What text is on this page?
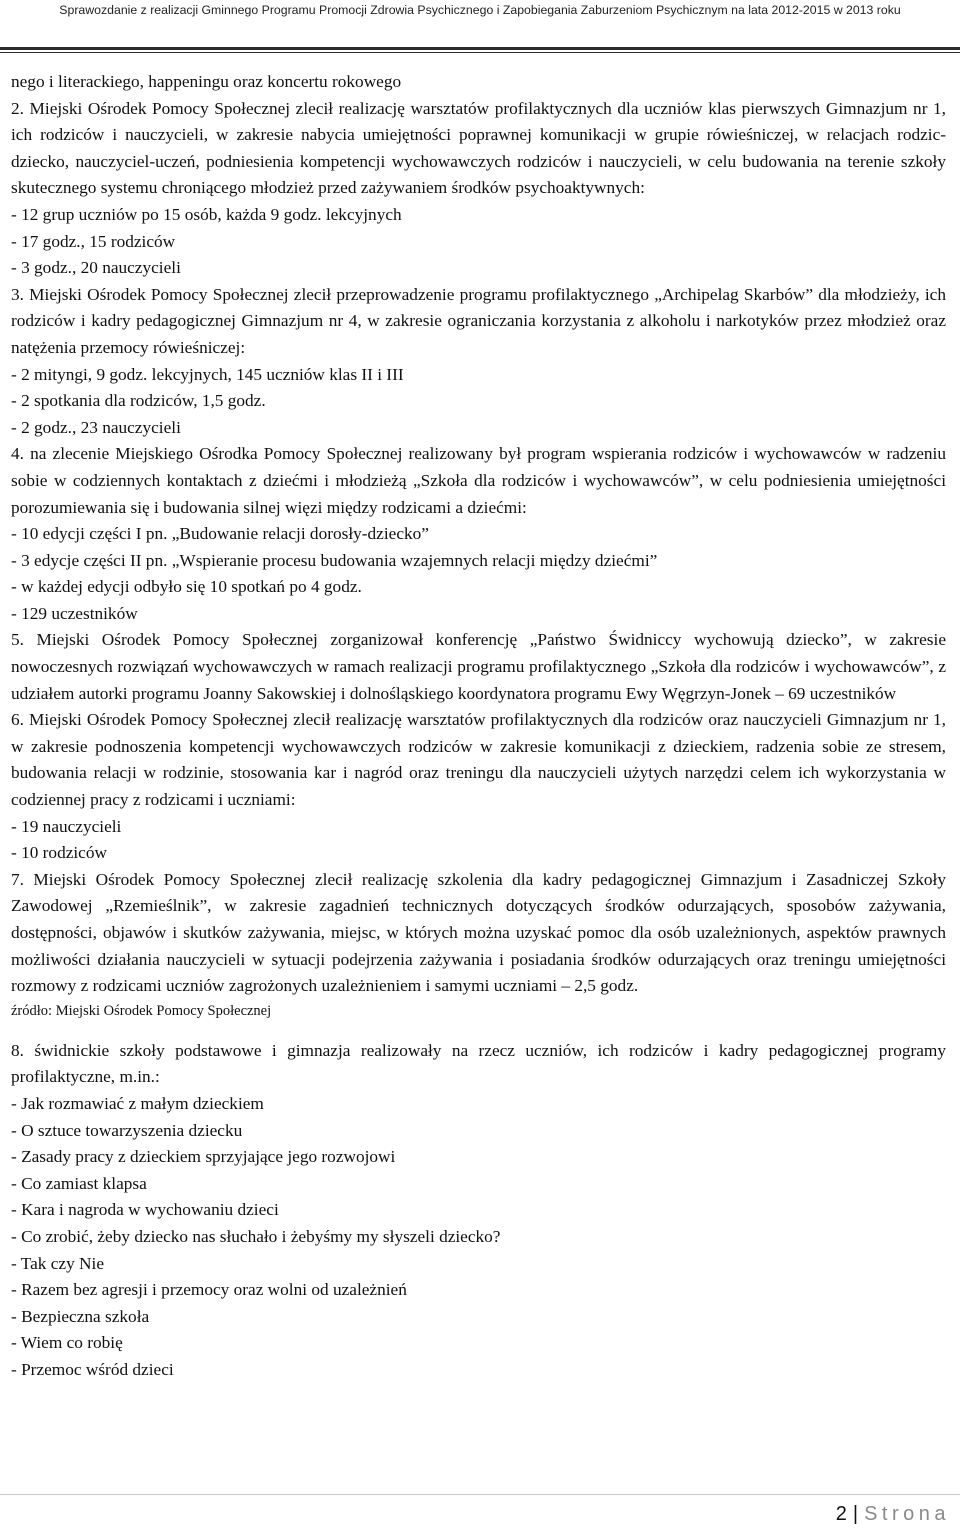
Sprawozdanie z realizacji Gminnego Programu Promocji Zdrowia Psychicznego i Zapobiegania Zaburzeniom Psychicznym na lata 2012-2015 w 2013 roku

nego i literackiego, happeningu oraz koncertu rokowego

2. Miejski Ośrodek Pomocy Społecznej zlecił realizację warsztatów profilaktycznych dla uczniów klas pierwszych Gimnazjum nr 1, ich rodziców i nauczycieli, w zakresie nabycia umiejętności poprawnej komunikacji w grupie rówieśniczej, w relacjach rodzic-dziecko, nauczyciel-uczeń, podniesienia kompetencji wychowawczych rodziców i nauczycieli, w celu budowania na terenie szkoły skutecznego systemu chroniącego młodzież przed zażywaniem środków psychoaktywnych:

- 12 grup uczniów po 15 osób, każda 9 godz. lekcyjnych

- 17 godz., 15 rodziców

- 3 godz., 20 nauczycieli

3. Miejski Ośrodek Pomocy Społecznej zlecił przeprowadzenie programu profilaktycznego „Archipelag Skarbów” dla młodzieży, ich rodziców i kadry pedagogicznej Gimnazjum nr 4, w zakresie ograniczania korzystania z alkoholu i narkotyków przez młodzież oraz natężenia przemocy rówieśniczej:

- 2 mityngi, 9 godz. lekcyjnych, 145 uczniów klas II i III

- 2 spotkania dla rodziców, 1,5 godz.

- 2 godz., 23 nauczycieli

4. na zlecenie Miejskiego Ośrodka Pomocy Społecznej realizowany był program wspierania rodziców i wychowawców w radzeniu sobie w codziennych kontaktach z dziećmi i młodzieżą „Szkoła dla rodziców i wychowawców”, w celu podniesienia umiejętności porozumiewania się i budowania silnej więzi między rodzicami a dziećmi:

- 10 edycji części I pn. „Budowanie relacji dorosły-dziecko”

- 3 edycje części II pn. „Wspieranie procesu budowania wzajemnych relacji między dziećmi”

- w każdej edycji odbyło się 10 spotkań po 4 godz.

- 129 uczestników

5. Miejski Ośrodek Pomocy Społecznej zorganizował konferencję „Państwo Świdniccy wychowują dziecko”, w zakresie nowoczesnych rozwiązań wychowawczych w ramach realizacji programu profilaktycznego „Szkoła dla rodziców i wychowawców”, z udziałem autorki programu Joanny Sakowskiej i dolnośląskiego koordynatora programu Ewy Węgrzyn-Jonek – 69 uczestników

6. Miejski Ośrodek Pomocy Społecznej zlecił realizację warsztatów profilaktycznych dla rodziców oraz nauczycieli Gimnazjum nr 1, w zakresie podnoszenia kompetencji wychowawczych rodziców w zakresie komunikacji z dzieckiem, radzenia sobie ze stresem, budowania relacji w rodzinie, stosowania kar i nagród oraz treningu dla nauczycieli użytych narzędzi celem ich wykorzystania w codziennej pracy z rodzicami i uczniami:

- 19 nauczycieli

- 10 rodziców

7. Miejski Ośrodek Pomocy Społecznej zlecił realizację szkolenia dla kadry pedagogicznej Gimnazjum i Zasadniczej Szkoły Zawodowej „Rzemieślnik”, w zakresie zagadnień technicznych dotyczących środków odurzających, sposobów zażywania, dostępności, objawów i skutków zażywania, miejsc, w których można uzyskać pomoc dla osób uzależnionych, aspektów prawnych możliwości działania nauczycieli w sytuacji podejrzenia zażywania i posiadania środków odurzających oraz treningu umiejętności rozmowy z rodzicami uczniów zagrożonych uzależnieniem i samymi uczniami – 2,5 godz.

źródło: Miejski Ośrodek Pomocy Społecznej

8. świdnickie szkoły podstawowe i gimnazja realizowały na rzecz uczniów, ich rodziców i kadry pedagogicznej programy profilaktyczne, m.in.:

- Jak rozmawiać z małym dzieckiem

- O sztuce towarzyszenia dziecku

- Zasady pracy z dzieckiem sprzyjające jego rozwojowi

- Co zamiast klapsa

- Kara i nagroda w wychowaniu dzieci

- Co zrobić, żeby dziecko nas słuchało i żebyśmy my słyszeli dziecko?

- Tak czy Nie

- Razem bez agresji i przemocy oraz wolni od uzależnień

- Bezpieczna szkoła

- Wiem co robię

- Przemoc wśród dzieci

2 | Strona
